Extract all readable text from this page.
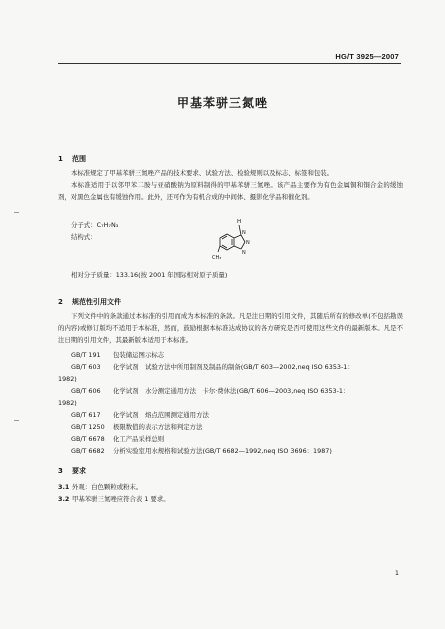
HG/T 3925—2007
甲基苯骈三氮唑
1 范围
本标准规定了甲基苯骈三氮唑产品的技术要求、试验方法、检验规则以及标志、标签和包装。
本标准适用于以邻甲苯二胺与亚硝酸钠为原料制得的甲基苯骈三氮唑。该产品主要作为有色金属铜和铜合金的缓蚀剂，对黑色金属也有缓蚀作用。此外，还可作为有机合成的中间体、摄影化学品和催化剂。
分子式：C₇H₇N₃
结构式：
H
N
N
N
CH₃
相对分子质量：133.16(按 2001 年国际相对原子质量)
2 规范性引用文件
下列文件中的条款通过本标准的引用而成为本标准的条款。凡是注日期的引用文件，其随后所有的修改单(不包括勘误的内容)或修订版均不适用于本标准，然而，鼓励根据本标准达成协议的各方研究是否可使用这些文件的最新版本。凡是不注日期的引用文件，其最新版本适用于本标准。
GB/T 191 包装储运图示标志
GB/T 603 化学试剂　试验方法中所用制剂及制品的制备(GB/T 603—2002,neq ISO 6353-1：
1982)
GB/T 606 化学试剂　水分测定通用方法　卡尔·费休法(GB/T 606—2003,neq ISO 6353-1：
1982)
GB/T 617 化学试剂　熔点范围测定通用方法
GB/T 1250 极限数值的表示方法和判定方法
GB/T 6678 化工产品采样总则
GB/T 6682 分析实验室用水规格和试验方法(GB/T 6682—1992,neq ISO 3696：1987)
3 要求
3.1 外观：白色颗粒或粉末。
3.2 甲基苯骈三氮唑应符合表 1 要求。
1
